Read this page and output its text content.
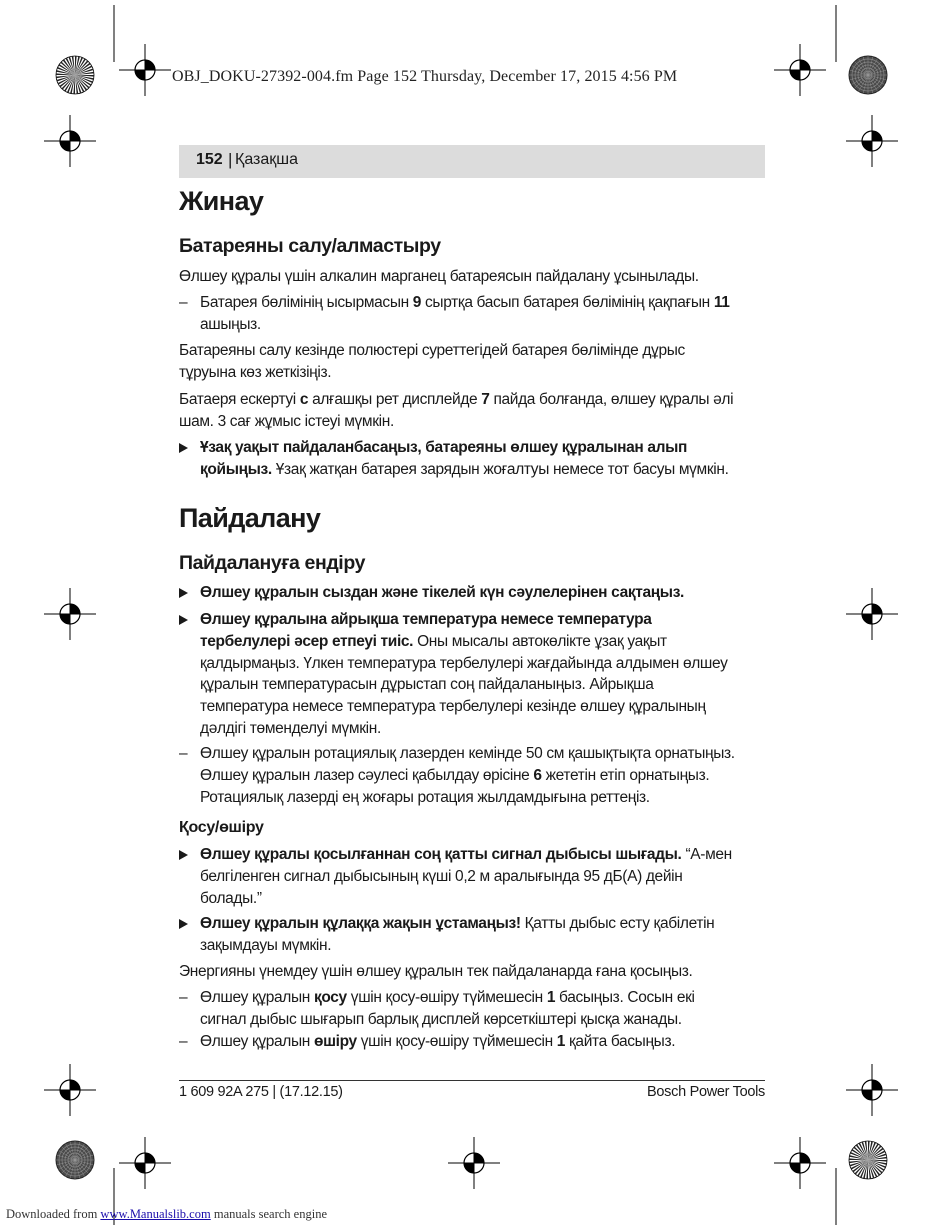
OBJ_DOKU-27392-004.fm Page 152 Thursday, December 17, 2015 4:56 PM
152 | Қазақша
Жинау
Батареяны салу/алмастыру
Өлшеу құралы үшін алкалин марганец батареясын пайдалану ұсынылады.
– Батарея бөлімінің ысырмасын 9 сыртқа басып батарея бөлімінің қақпағын 11
ашыңыз.
Батареяны салу кезінде полюстері суреттегідей батарея бөлімінде дұрыс
тұруына көз жеткізіңіз.
Батаеря ескертуі c алғашқы рет дисплейде 7 пайда болғанда, өлшеу құралы әлі
шам. 3 сағ жұмыс істеуі мүмкін.
Ұзақ уақыт пайдаланбасаңыз, батареяны өлшеу құралынан алып
қойыңыз. Ұзақ жатқан батарея зарядын жоғалтуы немесе тот басуы мүмкін.
Пайдалану
Пайдалануға ендіру
Өлшеу құралын сыздан және тікелей күн сәулелерінен сақтаңыз.
Өлшеу құралына айрықша температура немесе температура
тербелулері әсер етпеуі тиіс. Оны мысалы автокөлікте ұзақ уақыт
қалдырмаңыз. Үлкен температура тербелулері жағдайында алдымен өлшеу
құралын температурасын дұрыстап соң пайдаланыңыз. Айрықша
температура немесе температура тербелулері кезінде өлшеу құралының
дәлдігі төменделуі мүмкін.
– Өлшеу құралын ротациялық лазерден кемінде 50 см қашықтықта орнатыңыз.
Өлшеу құралын лазер сәулесі қабылдау өрісіне 6 жететін етіп орнатыңыз.
Ротациялық лазерді ең жоғары ротация жылдамдығына реттеңіз.
Қосу/өшіру
Өлшеу құралы қосылғаннан соң қатты сигнал дыбысы шығады. “А-мен
белгіленген сигнал дыбысының күші 0,2 м аралығында 95 дБ(А) дейін
болады.”
Өлшеу құралын құлаққа жақын ұстамаңыз! Қатты дыбыс есту қабілетін
зақымдауы мүмкін.
Энергияны үнемдеу үшін өлшеу құралын тек пайдаланарда ғана қосыңыз.
– Өлшеу құралын қосу үшін қосу-өшіру түймешесін 1 басыңыз. Сосын екі
сигнал дыбыс шығарып барлық дисплей көрсеткіштері қысқа жанады.
– Өлшеу құралын өшіру үшін қосу-өшіру түймешесін 1 қайта басыңыз.
1 609 92A 275 | (17.12.15)	Bosch Power Tools
Downloaded from www.Manualslib.com manuals search engine
